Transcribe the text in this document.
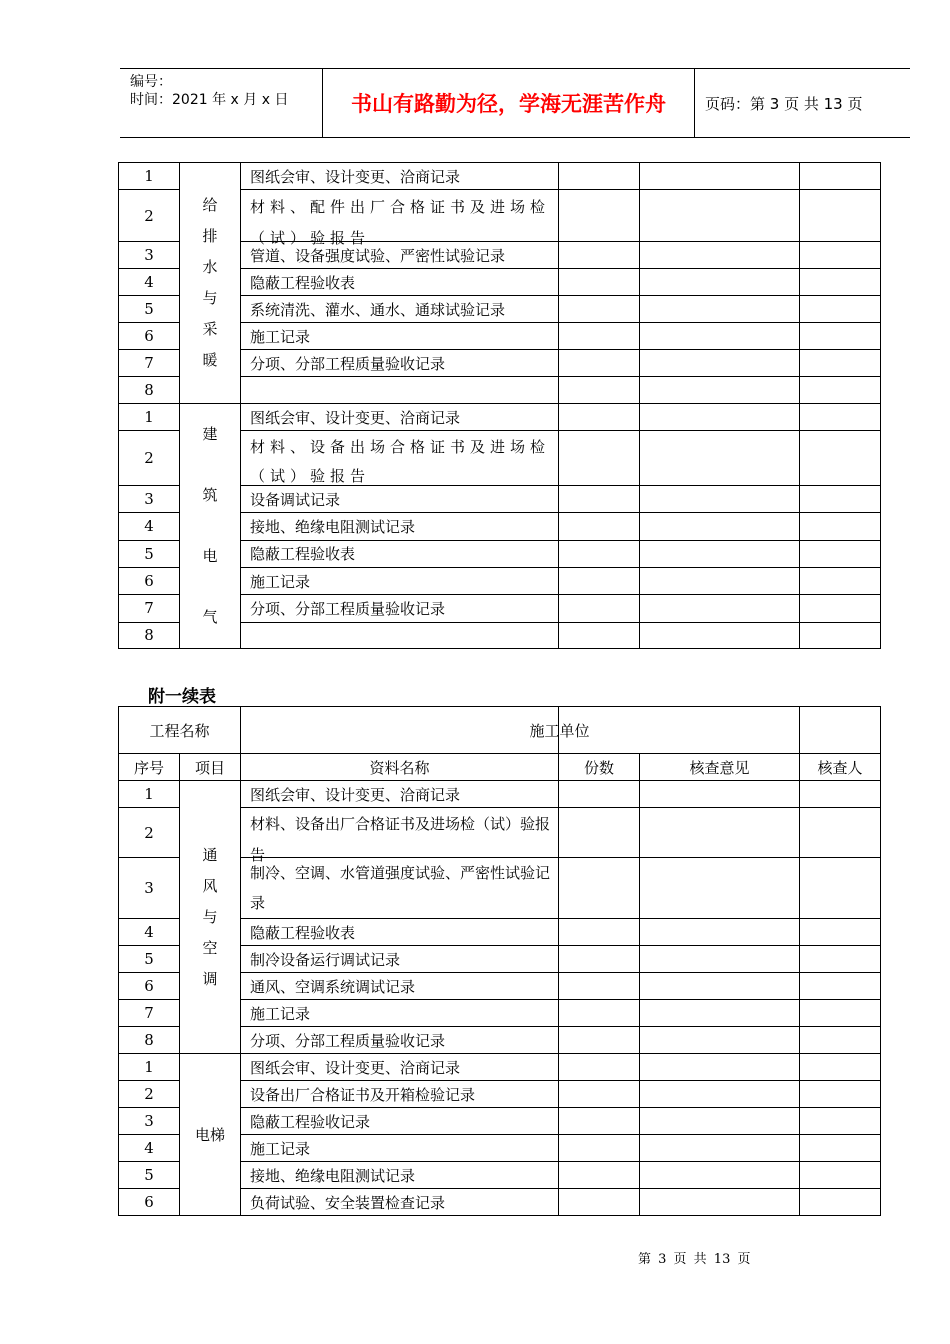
编号：
时间：2021 年 x 月 x 日	书山有路勤为径，学海无涯苦作舟	页码：第 3 页 共 13 页
1	给排水与采暖	图纸会审、设计变更、洽商记录			
2		材料、配件出厂合格证书及进场检（试）验报告			

3		管道、设备强度试验、严密性试验记录			
4		隐蔽工程验收表			
5		系统清洗、灌水、通水、通球试验记录			
6		施工记录			
7		分项、分部工程质量验收记录			
8					
1	建筑电气	图纸会审、设计变更、洽商记录			
2		材料、设备出场合格证书及进场检（试）验报告			

3		设备调试记录			
4		接地、绝缘电阻测试记录			
5		隐蔽工程验收表			
6		施工记录			
7		分项、分部工程质量验收记录			
8					
附一续表
工程名称			施工单位		

序号	项目	资料名称	份数	核查意见	核查人
1	通风与空调	图纸会审、设计变更、洽商记录			
2		材料、设备出厂合格证书及进场检（试）验报告			

3		制冷、空调、水管道强度试验、严密性试验记录			

4		隐蔽工程验收表			
5		制冷设备运行调试记录			
6		通风、空调系统调试记录			
7		施工记录			
8		分项、分部工程质量验收记录			
1	电梯	图纸会审、设计变更、洽商记录			
2		设备出厂合格证书及开箱检验记录			
3		隐蔽工程验收记录			
4		施工记录			
5		接地、绝缘电阻测试记录			
6		负荷试验、安全装置检查记录			
第 3 页 共 13 页
